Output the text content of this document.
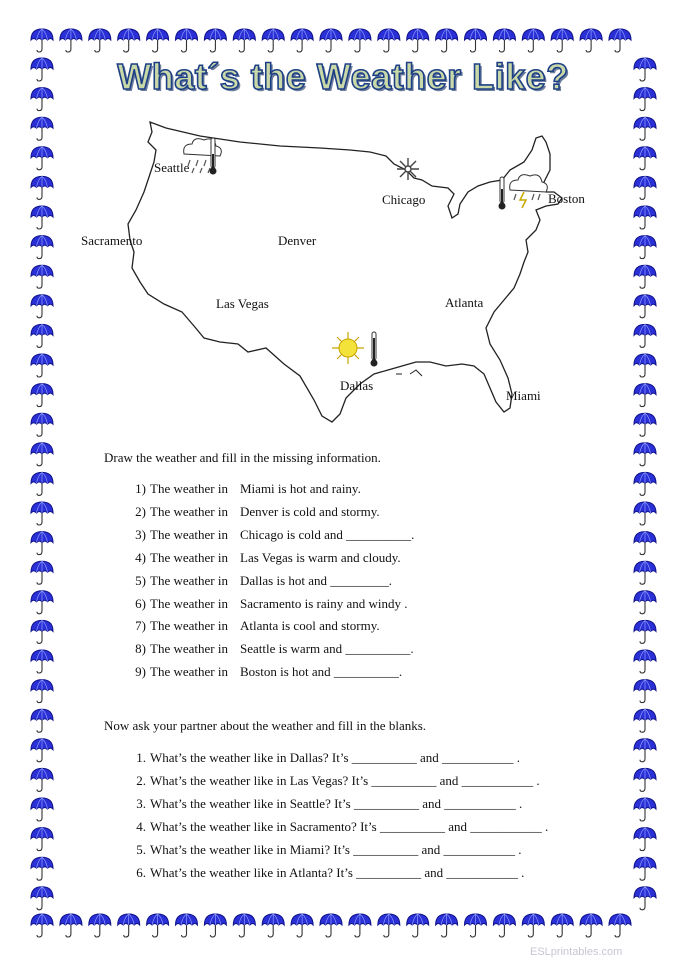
What´s the Weather Like?
Seattle
Chicago	Boston
Sacramento	Denver
Las Vegas	Atlanta
Dallas
Miami
Draw the weather and fill in the missing information.
1) The weather in Miami is hot and rainy.
2) The weather in Denver is cold and stormy.
3) The weather in Chicago is cold and __________.
4) The weather in Las Vegas is warm and cloudy.
5) The weather in Dallas is hot and _________.
6) The weather in Sacramento is rainy and windy .
7) The weather in Atlanta is cool and stormy.
8) The weather in Seattle is warm and __________.
9) The weather in Boston is hot and __________.
Now ask your partner about the weather and fill in the blanks.
1. What’s the weather like in Dallas? It’s __________ and ___________ .
2. What’s the weather like in Las Vegas? It’s __________ and ___________ .
3. What’s the weather like in Seattle? It’s __________ and ___________ .
4. What’s the weather like in Sacramento? It’s __________ and ___________ .
5. What’s the weather like in Miami? It’s __________ and ___________ .
6. What’s the weather like in Atlanta? It’s __________ and ___________ .
ESLprintables.com
